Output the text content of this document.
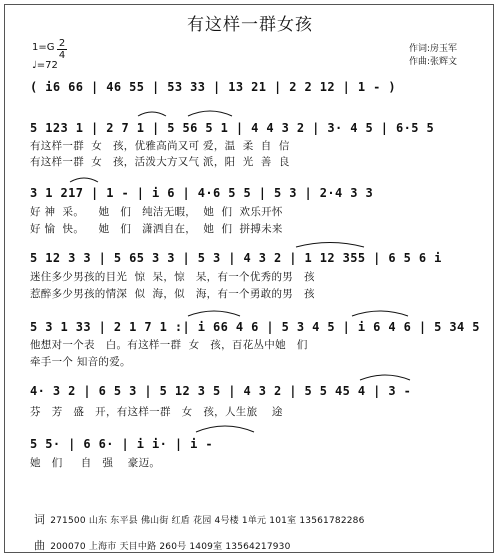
有这样一群女孩
1=G 2
4
♩=72
作词:房玉军
作曲:张辉文
( i6 66 | 46 55 | 53 33 | 13 21 | 2 2 12 | 1 - )
5 123 1 | 2 7 1 | 5 56 5 1 | 4 4 3 2 | 3· 4 5 | 6·5 5
有这样一群  女   孩，优雅高尚又可 爱，温  柔  自  信
有这样一群  女   孩，活泼大方又气 派，阳  光  善  良
3 1 217 | 1 - | i 6 | 4·6 5 5 | 5 3 | 2·4 3 3
好 神  采。    她   们   纯洁无暇，  她  们  欢乐开怀
好 愉  快。    她   们   潇洒自在，  她  们  拼搏未来
5 12 3 3 | 5 65 3 3 | 5 3 | 4 3 2 | 1 12 355 | 6 5 6 i
迷住多少男孩的目光  惊  呆，惊   呆，有一个优秀的男   孩
惹醉多少男孩的情深  似  海，似   海，有一个勇敢的男   孩
5 3 1 33 | 2 1 7 1 :| i 66 4 6 | 5 3 4 5 | i 6 4 6 | 5 34 5
他想对一个表   白。有这样一群  女   孩，百花丛中她   们
牵手一个 知音的爱。
4· 3 2 | 6 5 3 | 5 12 3 5 | 4 3 2 | 5 5 45 4 | 3 -
芬   芳   盛   开，有这样一群   女   孩，人生旅    途
5 5· | 6 6· | i i· | i -
她   们     自   强    豪迈。
词 271500 山东 东平县 佛山街 红盾 花园 4号楼 1单元 101室 13561782286
曲 200070 上海市 天目中路 260号 1409室 13564217930
